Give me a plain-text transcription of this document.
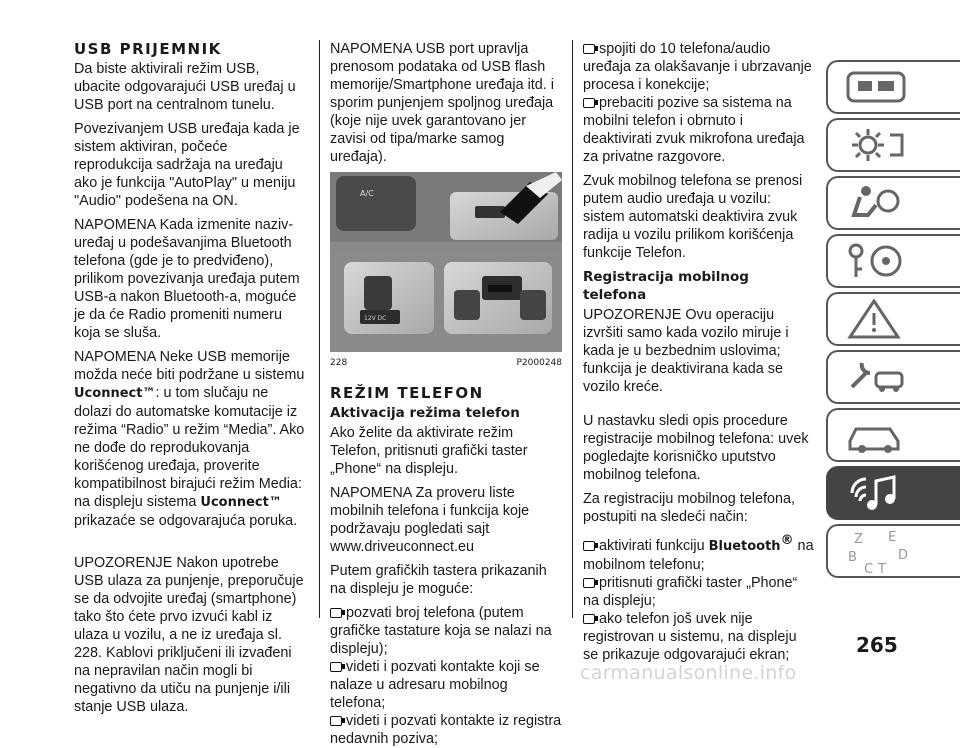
USB PRIJEMNIK

Da biste aktivirali režim USB, ubacite odgovarajući USB uređaj u USB port na centralnom tunelu.

Povezivanjem USB uređaja kada je sistem aktiviran, počeće reprodukcija sadržaja na uređaju ako je funkcija "AutoPlay" u meniju "Audio" podešena na ON.

NAPOMENA Kada izmenite naziv-uređaj u podešavanjima Bluetooth telefona (gde je to predviđeno), prilikom povezivanja uređaja putem USB-a nakon Bluetooth-a, moguće je da će Radio promeniti numeru koja se sluša.

NAPOMENA Neke USB memorije možda neće biti podržane u sistemu Uconnect™: u tom slučaju ne dolazi do automatske komutacije iz režima “Radio” u režim “Media”. Ako ne dođe do reprodukovanja korišćenog uređaja, proverite kompatibilnost birajući režim Media: na displeju sistema Uconnect™ prikazaće se odgovarajuća poruka.

UPOZORENJE Nakon upotrebe USB ulaza za punjenje, preporučuje se da odvojite uređaj (smartphone) tako što ćete prvo izvući kabl iz ulaza u vozilu, a ne iz uređaja sl. 228. Kablovi priključeni ili izvađeni na nepravilan način mogli bi negativno da utiču na punjenje i/ili stanje USB ulaza.

NAPOMENA USB port upravlja prenosom podataka od USB flash memorije/Smartphone uređaja itd. i sporim punjenjem spoljnog uređaja (koje nije uvek garantovano jer zavisi od tipa/marke samog uređaja).

A/C
12V DC
228	P2000248
REŽIM TELEFON
Aktivacija režima telefon

Ako želite da aktivirate režim Telefon, pritisnuti grafički taster „Phone“ na displeju.

NAPOMENA Za proveru liste mobilnih telefona i funkcija koje podržavaju pogledati sajt www.driveuconnect.eu

Putem grafičkih tastera prikazanih na displeju je moguće:

pozvati broj telefona (putem grafičke tastature koja se nalazi na displeju);

videti i pozvati kontakte koji se nalaze u adresaru mobilnog telefona;

videti i pozvati kontakte iz registra nedavnih poziva;

spojiti do 10 telefona/audio uređaja za olakšavanje i ubrzavanje procesa i konekcije;

prebaciti pozive sa sistema na mobilni telefon i obrnuto i deaktivirati zvuk mikrofona uređaja za privatne razgovore.

Zvuk mobilnog telefona se prenosi putem audio uređaja u vozilu: sistem automatski deaktivira zvuk radija u vozilu prilikom korišćenja funkcije Telefon.

Registracija mobilnog telefona

UPOZORENJE Ovu operaciju izvršiti samo kada vozilo miruje i kada je u bezbednim uslovima; funkcija je deaktivirana kada se vozilo kreće.

U nastavku sledi opis procedure registracije mobilnog telefona: uvek pogledajte korisničko uputstvo mobilnog telefona.

Za registraciju mobilnog telefona, postupiti na sledeći način:

aktivirati funkciju Bluetooth® na mobilnom telefonu;

pritisnuti grafički taster „Phone“ na displeju;

ako telefon još uvek nije registrovan u sistemu, na displeju se prikazuje odgovarajući ekran;

Z E
B	D
C T
265
carmanualsonline.info
